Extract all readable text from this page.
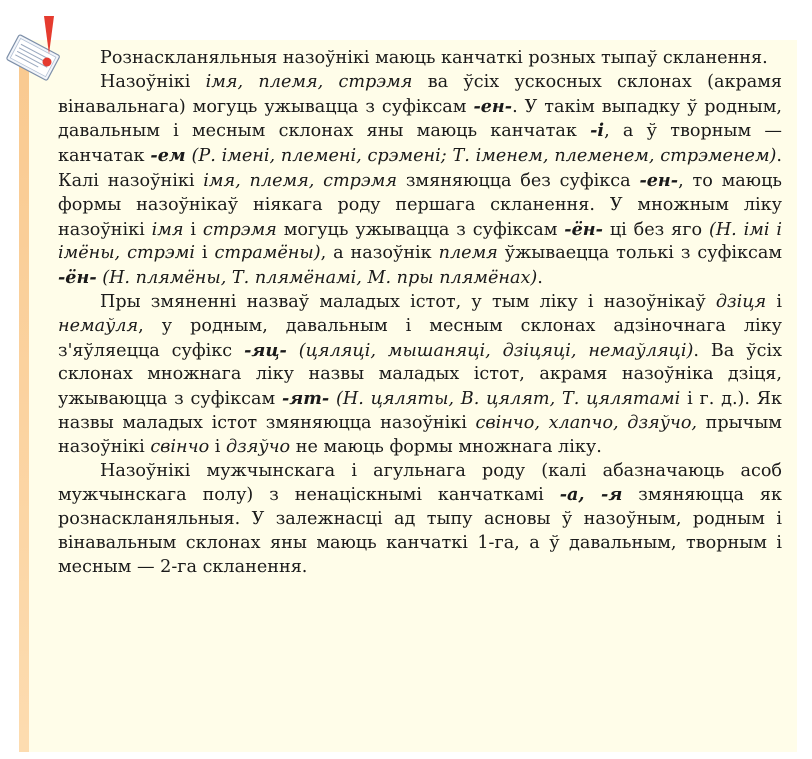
Рознаскланяльныя назоўнікі маюць канчаткі розных тыпаў скланення.

Назоўнікі імя, племя, стрэмя ва ўсіх ускосных склонах (акрамя вінавальнага) могуць ужывацца з суфіксам -ен-. У такім выпадку ў родным, давальным і месным склонах яны маюць канчатак -і, а ў творным — канчатак -ем (Р. імені, племені, срэмені; Т. іменем, племенем, стрэменем). Калі назоўнікі імя, племя, стрэмя змяняюцца без суфікса -ен-, то маюць формы назоўнікаў ніякага роду першага скланення. У множным ліку назоўнікі імя і стрэмя могуць ужывацца з суфіксам -ён- ці без яго (Н. імі і імёны, стрэмі і страмёны), а назоўнік племя ўжываецца толькі з суфіксам -ён- (Н. плямёны, Т. плямёнамі, М. пры плямёнах).

Пры змяненні назваў маладых істот, у тым ліку і назоўнікаў дзіця і немаўля, у родным, давальным і месным склонах адзіночнага ліку з'яўляецца суфікс -яц- (цяляці, мышаняці, дзіцяці, немаўляці). Ва ўсіх склонах множнага ліку назвы маладых істот, акрамя назоўніка дзіця, ужываюцца з суфіксам -ят- (Н. цяляты, В. цялят, Т. цялятамі і г. д.). Як назвы маладых істот змяняюцца назоўнікі свінчо, хлапчо, дзяўчо, прычым назоўнікі свінчо і дзяўчо не маюць формы множнага ліку.

Назоўнікі мужчынскага і агульнага роду (калі абазначаюць асоб мужчынскага полу) з ненаціскнымі канчаткамі -а, -я змяняюцца як рознаскланяльныя. У залежнасці ад тыпу асновы ў назоўным, родным і вінавальным склонах яны маюць канчаткі 1-га, а ў давальным, творным і месным — 2-га скланення.
